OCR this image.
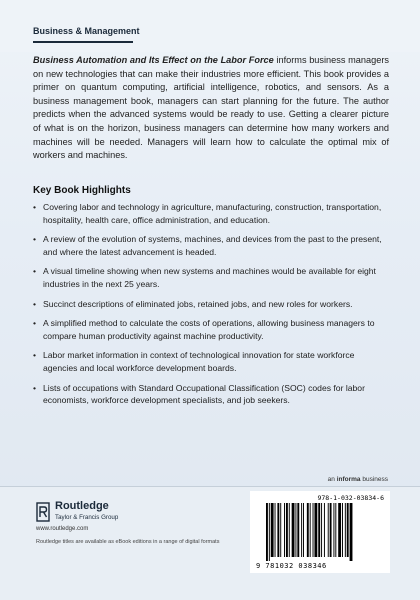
Business & Management

Business Automation and Its Effect on the Labor Force informs business managers on new technologies that can make their industries more efficient. This book provides a primer on quantum computing, artificial intelligence, robotics, and sensors. As a business management book, managers can start planning for the future. The author predicts when the advanced systems would be ready to use. Getting a clearer picture of what is on the horizon, business managers can determine how many workers and machines will be needed. Managers will learn how to calculate the optimal mix of workers and machines.

Key Book Highlights
• Covering labor and technology in agriculture, manufacturing, construction, transportation, hospitality, health care, office administration, and education.
• A review of the evolution of systems, machines, and devices from the past to the present, and where the latest advancement is headed.
• A visual timeline showing when new systems and machines would be available for eight industries in the next 25 years.
• Succinct descriptions of eliminated jobs, retained jobs, and new roles for workers.
• A simplified method to calculate the costs of operations, allowing business managers to compare human productivity against machine productivity.
• Labor market information in context of technological innovation for state workforce agencies and local workforce development boards.
• Lists of occupations with Standard Occupational Classification (SOC) codes for labor economists, workforce development specialists, and job seekers.
an informa business
Routledge
Taylor & Francis Group
www.routledge.com
Routledge titles are available as eBook editions in a range of digital formats
978-1-032-03834-6
9 781032 038346
